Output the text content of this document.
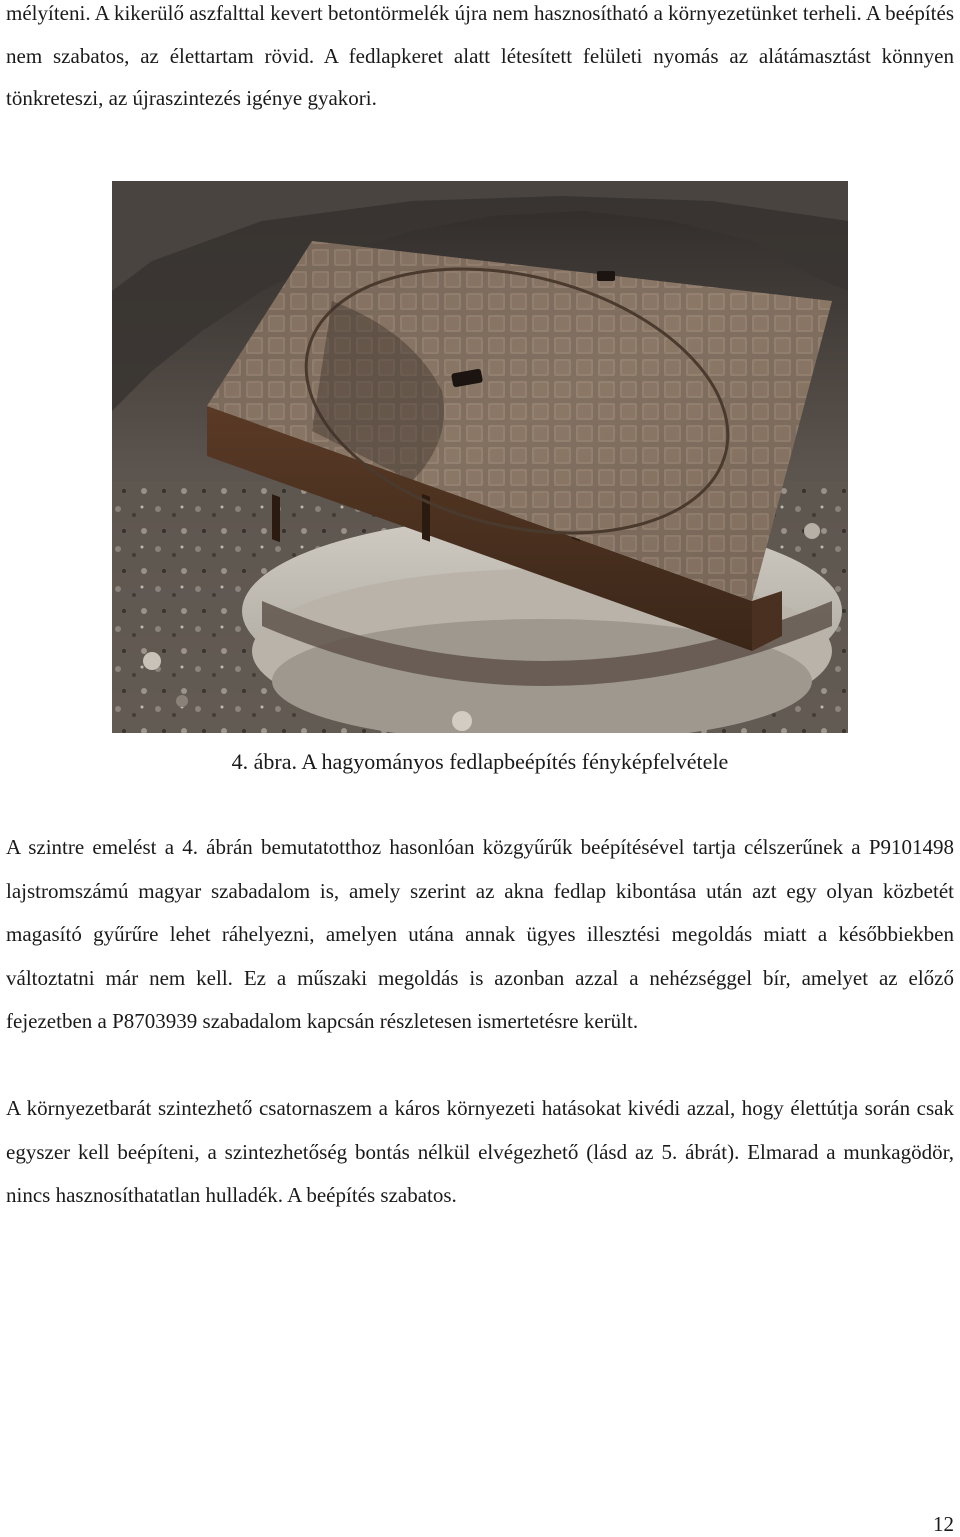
mélyíteni. A kikerülő aszfalttal kevert betontörmelék újra nem hasznosítható a környezetünket terheli. A beépítés nem szabatos, az élettartam rövid. A fedlapkeret alatt létesített felületi nyomás az alátámasztást könnyen tönkreteszi, az újraszintezés igénye gyakori.

4. ábra. A hagyományos fedlapbeépítés fényképfelvétele

A szintre emelést a 4. ábrán bemutatotthoz hasonlóan közgyűrűk beépítésével tartja célszerűnek a P9101498 lajstromszámú magyar szabadalom is, amely szerint az akna fedlap kibontása után azt egy olyan közbetét magasító gyűrűre lehet ráhelyezni, amelyen utána annak ügyes illesztési megoldás miatt a későbbiekben változtatni már nem kell. Ez a műszaki megoldás is azonban azzal a nehézséggel bír, amelyet az előző fejezetben a P8703939 szabadalom kapcsán részletesen ismertetésre került.

A környezetbarát szintezhető csatornaszem a káros környezeti hatásokat kivédi azzal, hogy élettútja során csak egyszer kell beépíteni, a szintezhetőség bontás nélkül elvégezhető (lásd az 5. ábrát). Elmarad a munkagödör, nincs hasznosíthatatlan hulladék. A beépítés szabatos.

12
